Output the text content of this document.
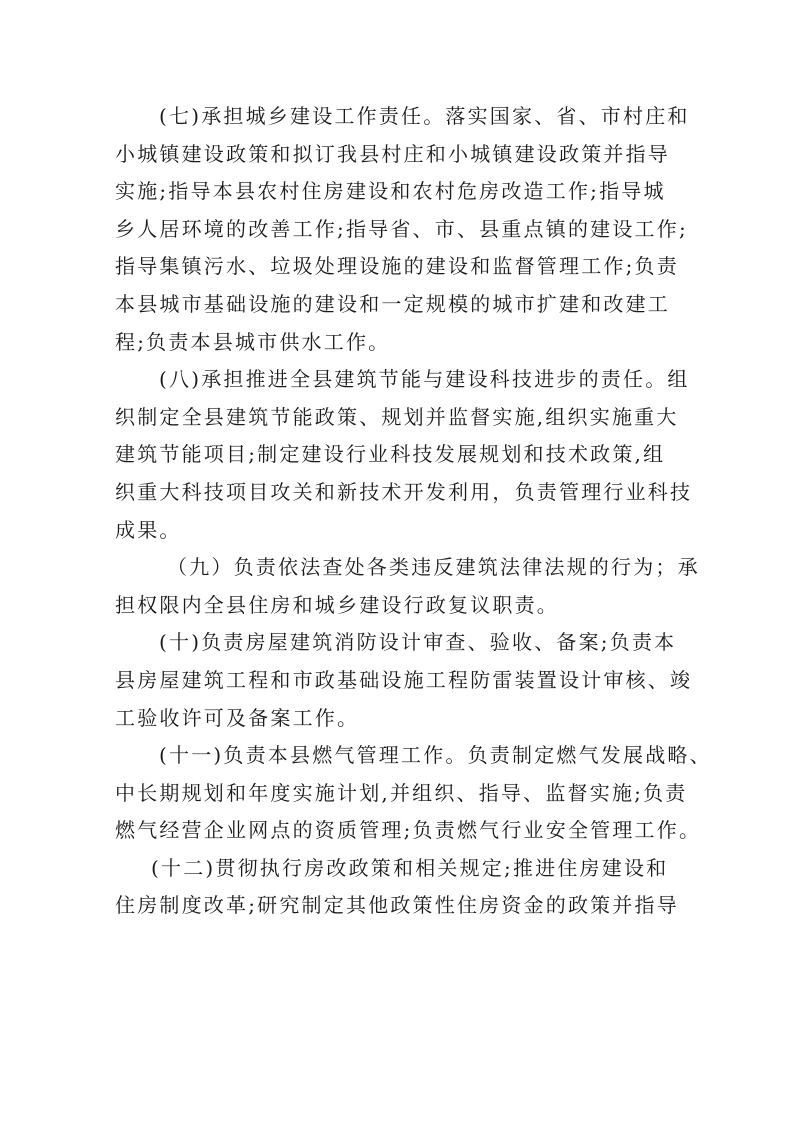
(七)承担城乡建设工作责任。落实国家、省、市村庄和
小城镇建设政策和拟订我县村庄和小城镇建设政策并指导
实施;指导本县农村住房建设和农村危房改造工作;指导城
乡人居环境的改善工作;指导省、市、县重点镇的建设工作;
指导集镇污水、垃圾处理设施的建设和监督管理工作;负责
本县城市基础设施的建设和一定规模的城市扩建和改建工
程;负责本县城市供水工作。
(八)承担推进全县建筑节能与建设科技进步的责任。组
织制定全县建筑节能政策、规划并监督实施,组织实施重大
建筑节能项目;制定建设行业科技发展规划和技术政策,组
织重大科技项目攻关和新技术开发利用，负责管理行业科技
成果。
（九）负责依法查处各类违反建筑法律法规的行为；承
担权限内全县住房和城乡建设行政复议职责。
(十)负责房屋建筑消防设计审查、验收、备案;负责本
县房屋建筑工程和市政基础设施工程防雷装置设计审核、竣
工验收许可及备案工作。
(十一)负责本县燃气管理工作。负责制定燃气发展战略、
中长期规划和年度实施计划,并组织、指导、监督实施;负责
燃气经营企业网点的资质管理;负责燃气行业安全管理工作。
(十二)贯彻执行房改政策和相关规定;推进住房建设和
住房制度改革;研究制定其他政策性住房资金的政策并指导
